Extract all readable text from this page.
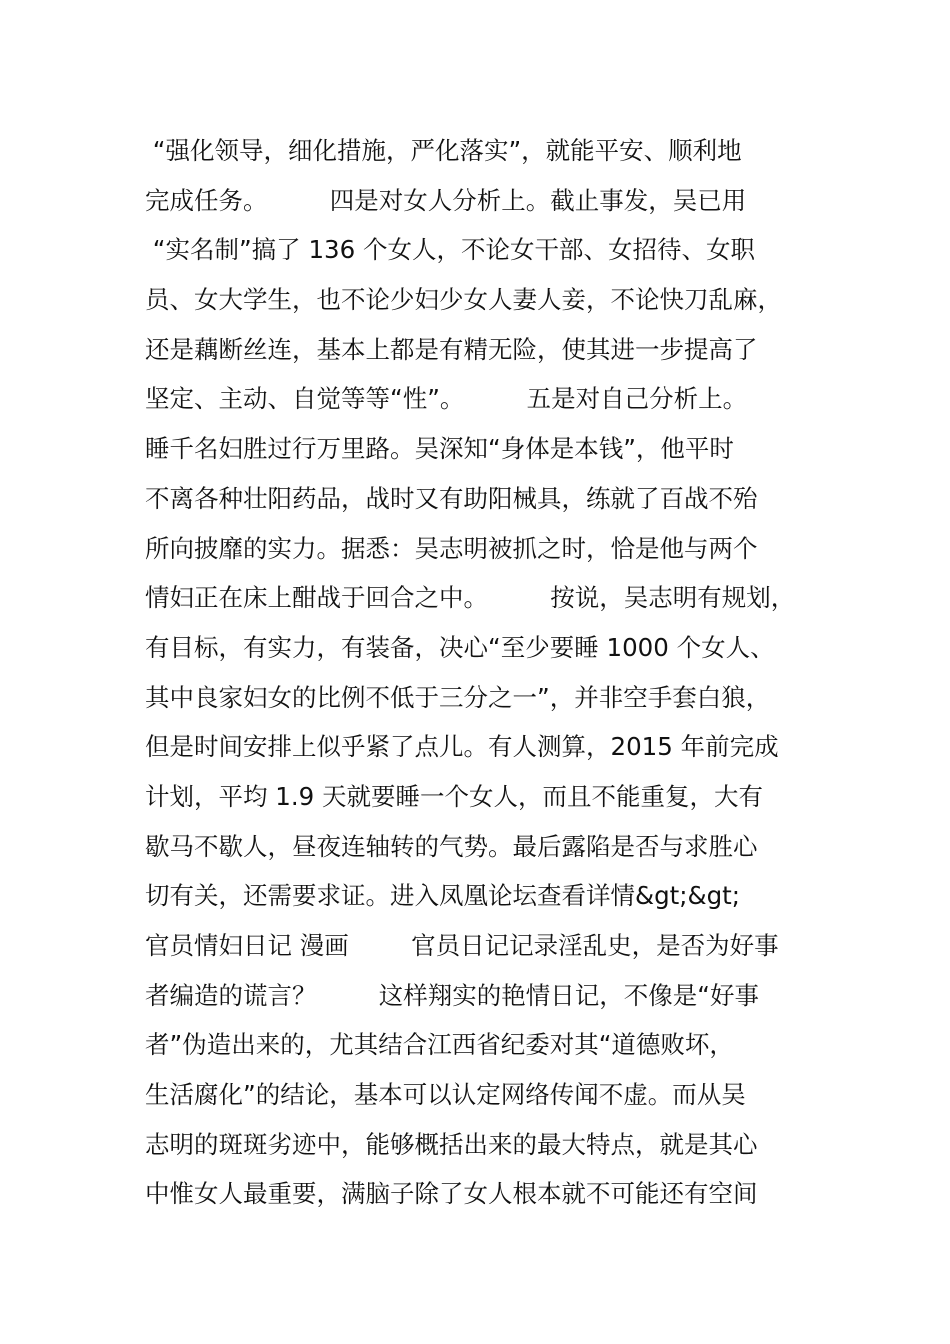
“强化领导，细化措施，严化落实”，就能平安、顺利地
完成任务。        四是对女人分析上。截止事发，吴已用
“实名制”搞了 136 个女人，不论女干部、女招待、女职
员、女大学生，也不论少妇少女人妻人妾，不论快刀乱麻，
还是藕断丝连，基本上都是有精无险，使其进一步提高了
坚定、主动、自觉等等“性”。        五是对自己分析上。
睡千名妇胜过行万里路。吴深知“身体是本钱”，他平时
不离各种壮阳药品，战时又有助阳械具，练就了百战不殆
所向披靡的实力。据悉：吴志明被抓之时，恰是他与两个
情妇正在床上酣战于回合之中。        按说，吴志明有规划，
有目标，有实力，有装备，决心“至少要睡 1000 个女人、
其中良家妇女的比例不低于三分之一”，并非空手套白狼，
但是时间安排上似乎紧了点儿。有人测算，2015 年前完成
计划，平均 1.9 天就要睡一个女人，而且不能重复，大有
歇马不歇人，昼夜连轴转的气势。最后露陷是否与求胜心
切有关，还需要求证。进入凤凰论坛查看详情&gt;&gt;
官员情妇日记 漫画        官员日记记录淫乱史，是否为好事
者编造的谎言？        这样翔实的艳情日记，不像是“好事
者”伪造出来的，尤其结合江西省纪委对其“道德败坏，
生活腐化”的结论，基本可以认定网络传闻不虚。而从吴
志明的斑斑劣迹中，能够概括出来的最大特点，就是其心
中惟女人最重要，满脑子除了女人根本就不可能还有空间
